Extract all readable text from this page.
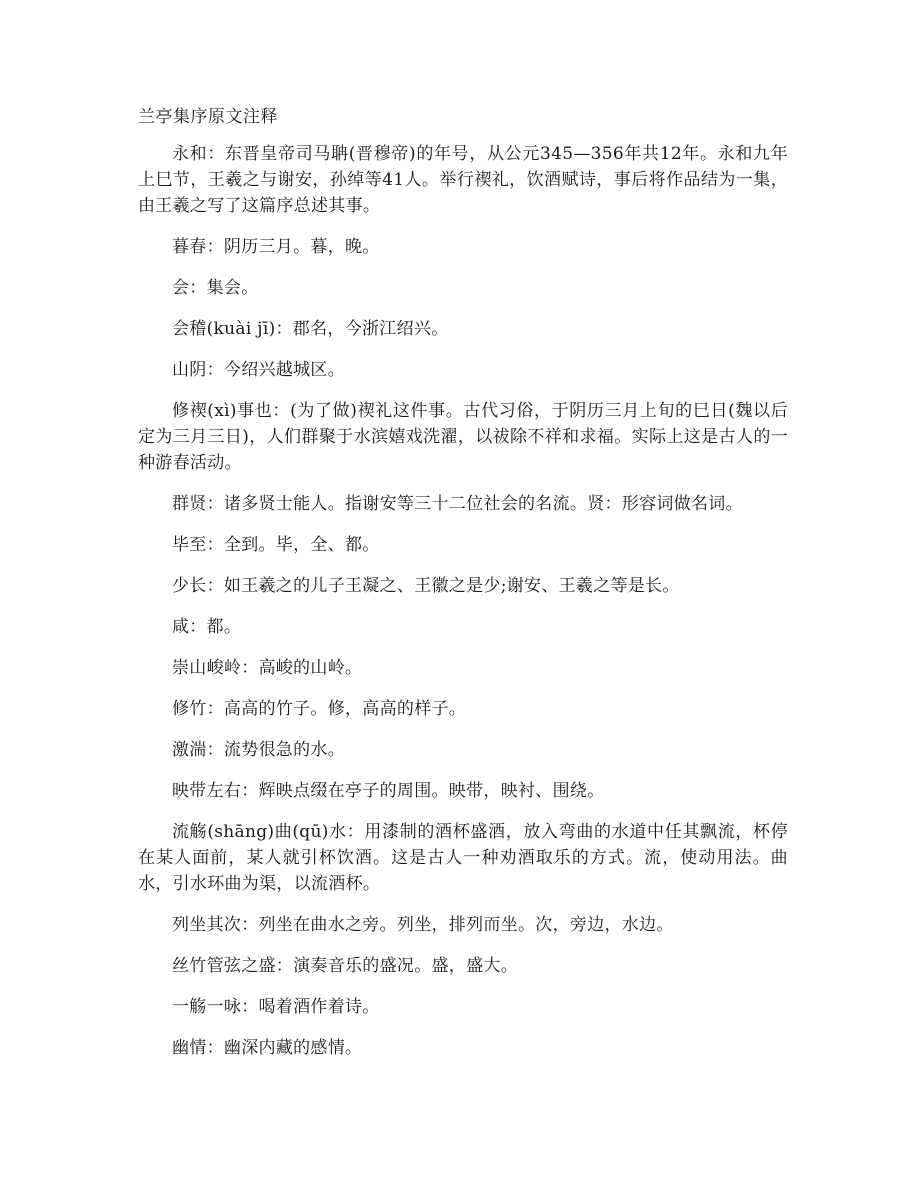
兰亭集序原文注释

永和：东晋皇帝司马聃(晋穆帝)的年号，从公元345—356年共12年。永和九年上巳节，王羲之与谢安，孙绰等41人。举行禊礼，饮酒赋诗，事后将作品结为一集，由王羲之写了这篇序总述其事。

暮春：阴历三月。暮，晚。

会：集会。

会稽(kuài jī)：郡名，今浙江绍兴。

山阴：今绍兴越城区。

修禊(xì)事也：(为了做)禊礼这件事。古代习俗，于阴历三月上旬的巳日(魏以后定为三月三日)，人们群聚于水滨嬉戏洗濯，以祓除不祥和求福。实际上这是古人的一种游春活动。

群贤：诸多贤士能人。指谢安等三十二位社会的名流。贤：形容词做名词。

毕至：全到。毕，全、都。

少长：如王羲之的儿子王凝之、王徽之是少;谢安、王羲之等是长。

咸：都。

崇山峻岭：高峻的山岭。

修竹：高高的竹子。修，高高的样子。

激湍：流势很急的水。

映带左右：辉映点缀在亭子的周围。映带，映衬、围绕。

流觞(shāng)曲(qū)水：用漆制的酒杯盛酒，放入弯曲的水道中任其飘流，杯停在某人面前，某人就引杯饮酒。这是古人一种劝酒取乐的方式。流，使动用法。曲水，引水环曲为渠，以流酒杯。

列坐其次：列坐在曲水之旁。列坐，排列而坐。次，旁边，水边。

丝竹管弦之盛：演奏音乐的盛况。盛，盛大。

一觞一咏：喝着酒作着诗。

幽情：幽深内藏的感情。
